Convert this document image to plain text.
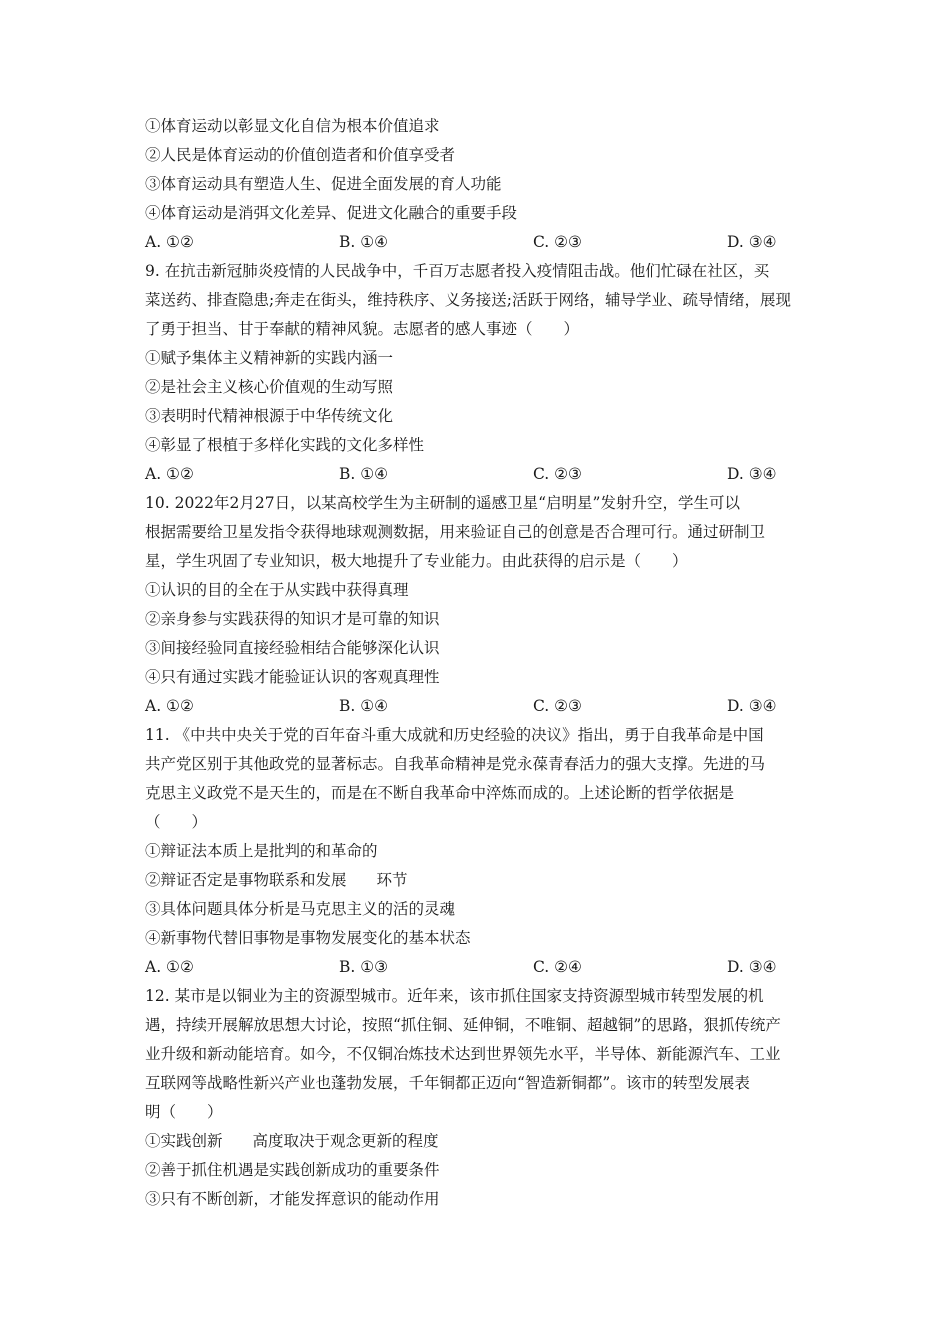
①体育运动以彰显文化自信为根本价值追求
②人民是体育运动的价值创造者和价值享受者
③体育运动具有塑造人生、促进全面发展的育人功能
④体育运动是消弭文化差异、促进文化融合的重要手段
A. ①②	B. ①④	C. ②③	D. ③④
9. 在抗击新冠肺炎疫情的人民战争中，千百万志愿者投入疫情阻击战。他们忙碌在社区，买
菜送药、排查隐患;奔走在街头，维持秩序、义务接送;活跃于网络，辅导学业、疏导情绪，展现
了勇于担当、甘于奉献的精神风貌。志愿者的感人事迹（　　）
①赋予集体主义精神新的实践内涵一
②是社会主义核心价值观的生动写照
③表明时代精神根源于中华传统文化
④彰显了根植于多样化实践的文化多样性
A. ①②	B. ①④	C. ②③	D. ③④
10. 2022年2月27日，以某高校学生为主研制的遥感卫星“启明星”发射升空，学生可以
根据需要给卫星发指令获得地球观测数据，用来验证自己的创意是否合理可行。通过研制卫
星，学生巩固了专业知识，极大地提升了专业能力。由此获得的启示是（　　）
①认识的目的全在于从实践中获得真理
②亲身参与实践获得的知识才是可靠的知识
③间接经验同直接经验相结合能够深化认识
④只有通过实践才能验证认识的客观真理性
A. ①②	B. ①④	C. ②③	D. ③④
11. 《中共中央关于党的百年奋斗重大成就和历史经验的决议》指出，勇于自我革命是中国
共产党区别于其他政党的显著标志。自我革命精神是党永葆青春活力的强大支撑。先进的马
克思主义政党不是天生的，而是在不断自我革命中淬炼而成的。上述论断的哲学依据是
（　　）
①辩证法本质上是批判的和革命的
②辩证否定是事物联系和发展 环节
③具体问题具体分析是马克思主义的活的灵魂
④新事物代替旧事物是事物发展变化的基本状态
A. ①②	B. ①③	C. ②④	D. ③④
12. 某市是以铜业为主的资源型城市。近年来，该市抓住国家支持资源型城市转型发展的机
遇，持续开展解放思想大讨论，按照“抓住铜、延伸铜，不唯铜、超越铜”的思路，狠抓传统产
业升级和新动能培育。如今，不仅铜冶炼技术达到世界领先水平，半导体、新能源汽车、工业
互联网等战略性新兴产业也蓬勃发展，千年铜都正迈向“智造新铜都”。该市的转型发展表
明（　　）
①实践创新 高度取决于观念更新的程度
②善于抓住机遇是实践创新成功的重要条件
③只有不断创新，才能发挥意识的能动作用
